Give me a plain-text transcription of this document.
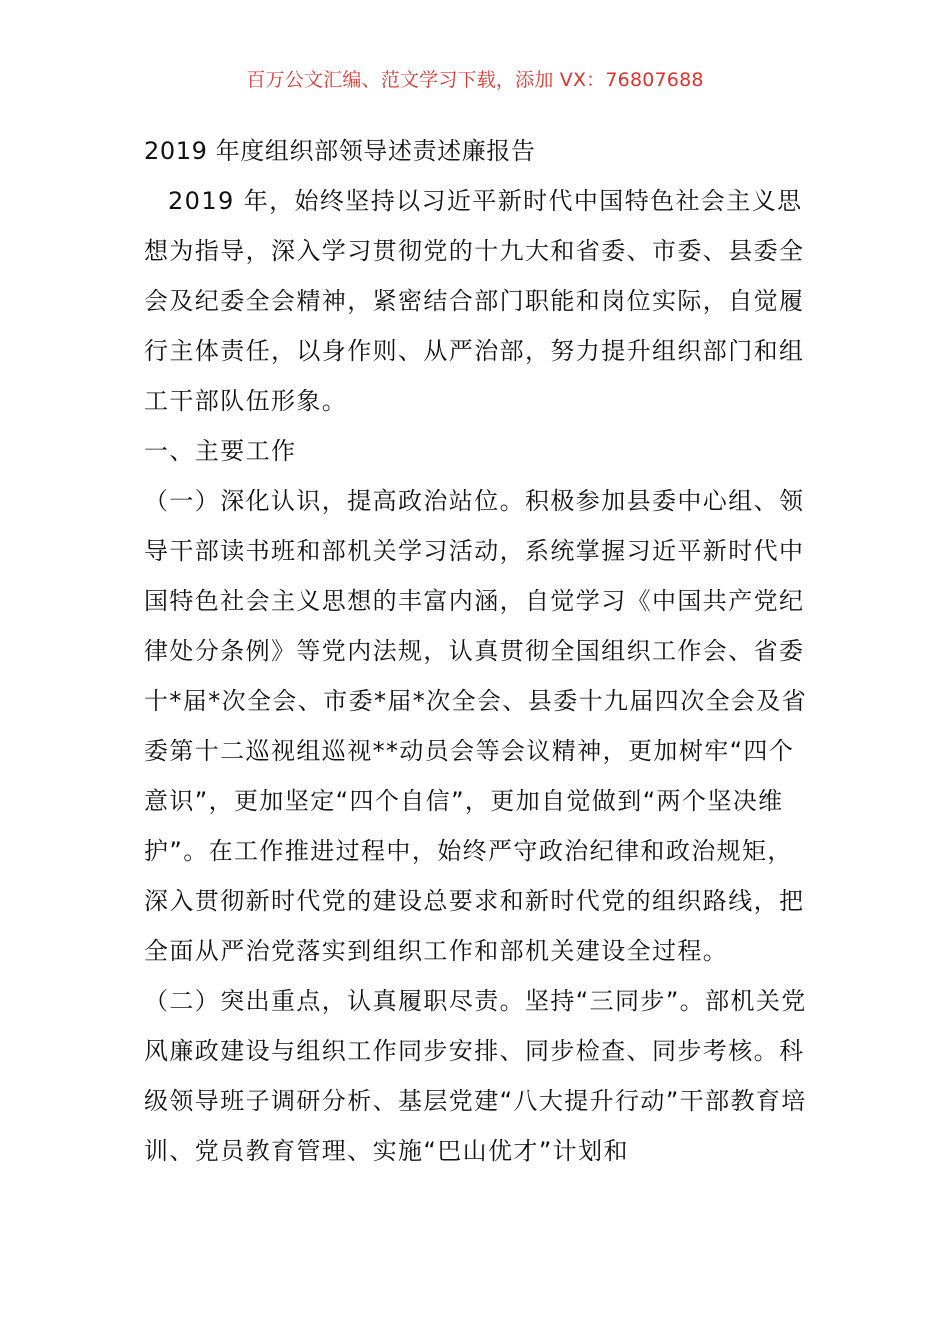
百万公文汇编、范文学习下载，添加 VX：76807688

2019 年度组织部领导述责述廉报告

2019 年，始终坚持以习近平新时代中国特色社会主义思想为指导，深入学习贯彻党的十九大和省委、市委、县委全会及纪委全会精神，紧密结合部门职能和岗位实际，自觉履行主体责任，以身作则、从严治部，努力提升组织部门和组工干部队伍形象。

一、主要工作

（一）深化认识，提高政治站位。积极参加县委中心组、领导干部读书班和部机关学习活动，系统掌握习近平新时代中国特色社会主义思想的丰富内涵，自觉学习《中国共产党纪律处分条例》等党内法规，认真贯彻全国组织工作会、省委十*届*次全会、市委*届*次全会、县委十九届四次全会及省委第十二巡视组巡视**动员会等会议精神，更加树牢“四个意识”，更加坚定“四个自信”，更加自觉做到“两个坚决维护”。在工作推进过程中，始终严守政治纪律和政治规矩，深入贯彻新时代党的建设总要求和新时代党的组织路线，把全面从严治党落实到组织工作和部机关建设全过程。

（二）突出重点，认真履职尽责。坚持“三同步”。部机关党风廉政建设与组织工作同步安排、同步检查、同步考核。科级领导班子调研分析、基层党建“八大提升行动”干部教育培训、党员教育管理、实施“巴山优才”计划和
